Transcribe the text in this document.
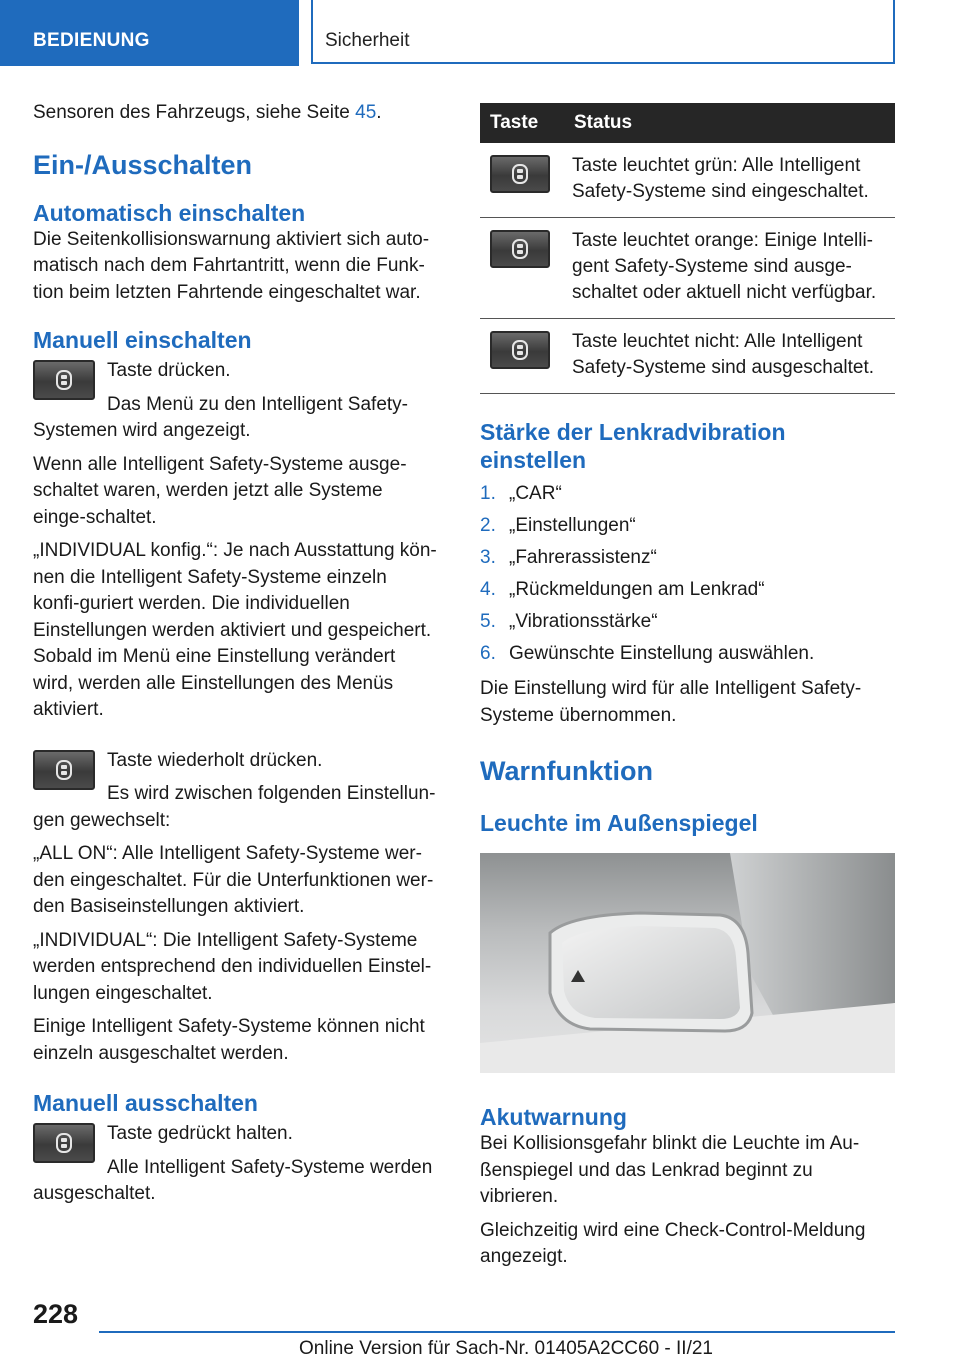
BEDIENUNG	Sicherheit

Sensoren des Fahrzeugs, siehe Seite 45.

Ein-/Ausschalten
Automatisch einschalten

Die Seitenkollisionswarnung aktiviert sich auto-matisch nach dem Fahrtantritt, wenn die Funk-tion beim letzten Fahrtende eingeschaltet war.

Manuell einschalten

Taste drücken.

Das Menü zu den Intelligent Safety-Systemen wird angezeigt.

Wenn alle Intelligent Safety-Systeme ausge-schaltet waren, werden jetzt alle Systeme einge-schaltet.

„INDIVIDUAL konfig.“: Je nach Ausstattung kön-nen die Intelligent Safety-Systeme einzeln konfi-guriert werden. Die individuellen Einstellungen werden aktiviert und gespeichert. Sobald im Menü eine Einstellung verändert wird, werden alle Einstellungen des Menüs aktiviert.

Taste wiederholt drücken.

Es wird zwischen folgenden Einstellun-gen gewechselt:

„ALL ON“: Alle Intelligent Safety-Systeme wer-den eingeschaltet. Für die Unterfunktionen wer-den Basiseinstellungen aktiviert.

„INDIVIDUAL“: Die Intelligent Safety-Systeme werden entsprechend den individuellen Einstel-lungen eingeschaltet.

Einige Intelligent Safety-Systeme können nicht einzeln ausgeschaltet werden.

Manuell ausschalten

Taste gedrückt halten.

Alle Intelligent Safety-Systeme werden ausgeschaltet.

Taste	Status

	Taste leuchtet grün: Alle Intelligent Safety-Systeme sind eingeschaltet.

	Taste leuchtet orange: Einige Intelli-gent Safety-Systeme sind ausge-schaltet oder aktuell nicht verfügbar.

	Taste leuchtet nicht: Alle Intelligent Safety-Systeme sind ausgeschaltet.
Stärke der Lenkradvibration einstellen
1. „CAR“
2. „Einstellungen“
3. „Fahrerassistenz“
4. „Rückmeldungen am Lenkrad“
5. „Vibrationsstärke“
6. Gewünschte Einstellung auswählen.

Die Einstellung wird für alle Intelligent Safety-Systeme übernommen.

Warnfunktion
Leuchte im Außenspiegel
Akutwarnung

Bei Kollisionsgefahr blinkt die Leuchte im Au-ßenspiegel und das Lenkrad beginnt zu vibrieren.

Gleichzeitig wird eine Check-Control-Meldung angezeigt.

228
Online Version für Sach-Nr. 01405A2CC60 - II/21
